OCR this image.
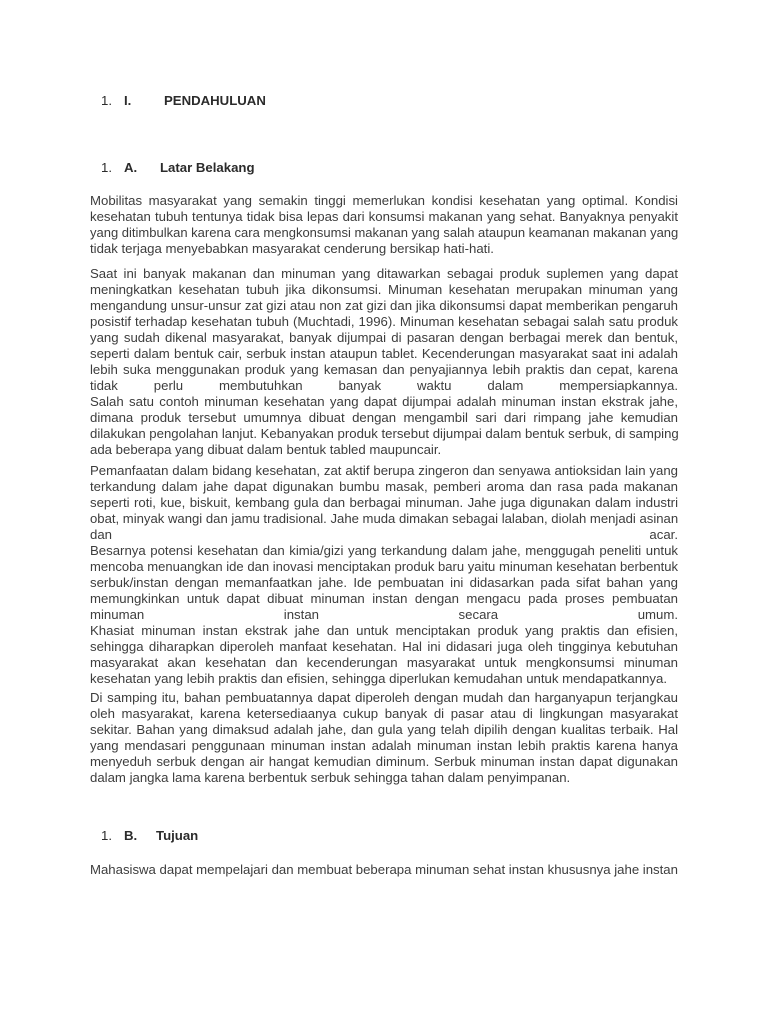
1. I. PENDAHULUAN
1. A. Latar Belakang
Mobilitas masyarakat yang semakin tinggi memerlukan kondisi kesehatan yang optimal. Kondisi
kesehatan tubuh tentunya tidak bisa lepas dari konsumsi makanan yang sehat. Banyaknya penyakit
yang ditimbulkan karena cara mengkonsumsi makanan yang salah ataupun keamanan makanan yang
tidak terjaga menyebabkan masyarakat cenderung bersikap hati-hati.
Saat ini banyak makanan dan minuman yang ditawarkan sebagai produk suplemen yang dapat
meningkatkan kesehatan tubuh jika dikonsumsi. Minuman kesehatan merupakan minuman yang
mengandung unsur-unsur zat gizi atau non zat gizi dan jika dikonsumsi dapat memberikan pengaruh
posistif terhadap kesehatan tubuh (Muchtadi, 1996). Minuman kesehatan sebagai salah satu produk
yang sudah dikenal masyarakat, banyak dijumpai di pasaran dengan berbagai merek dan bentuk,
seperti dalam bentuk cair, serbuk instan ataupun tablet. Kecenderungan masyarakat saat ini adalah
lebih suka menggunakan produk yang kemasan dan penyajiannya lebih praktis dan cepat, karena
tidak perlu membutuhkan banyak waktu dalam mempersiapkannya.
Salah satu contoh minuman kesehatan yang dapat dijumpai adalah minuman instan ekstrak jahe,
dimana produk tersebut umumnya dibuat dengan mengambil sari dari rimpang jahe kemudian
dilakukan pengolahan lanjut. Kebanyakan produk tersebut dijumpai dalam bentuk serbuk, di samping
ada beberapa yang dibuat dalam bentuk tabled maupuncair.
Pemanfaatan dalam bidang kesehatan, zat aktif berupa zingeron dan senyawa antioksidan lain yang
terkandung dalam jahe dapat digunakan bumbu masak, pemberi aroma dan rasa pada makanan
seperti roti, kue, biskuit, kembang gula dan berbagai minuman. Jahe juga digunakan dalam industri
obat, minyak wangi dan jamu tradisional. Jahe muda dimakan sebagai lalaban, diolah menjadi asinan
dan acar.
Besarnya potensi kesehatan dan kimia/gizi yang terkandung dalam jahe, menggugah peneliti untuk
mencoba menuangkan ide dan inovasi menciptakan produk baru yaitu minuman kesehatan berbentuk
serbuk/instan dengan memanfaatkan jahe. Ide pembuatan ini didasarkan pada sifat bahan yang
memungkinkan untuk dapat dibuat minuman instan dengan mengacu pada proses pembuatan
minuman instan secara umum.
Khasiat minuman instan ekstrak jahe dan untuk menciptakan produk yang praktis dan efisien,
sehingga diharapkan diperoleh manfaat kesehatan. Hal ini didasari juga oleh tingginya kebutuhan
masyarakat akan kesehatan dan kecenderungan masyarakat untuk mengkonsumsi minuman
kesehatan yang lebih praktis dan efisien, sehingga diperlukan kemudahan untuk mendapatkannya.
Di samping itu, bahan pembuatannya dapat diperoleh dengan mudah dan harganyapun terjangkau
oleh masyarakat, karena ketersediaanya cukup banyak di pasar atau di lingkungan masyarakat
sekitar. Bahan yang dimaksud adalah jahe, dan gula yang telah dipilih dengan kualitas terbaik. Hal
yang mendasari penggunaan minuman instan adalah minuman instan lebih praktis karena hanya
menyeduh serbuk dengan air hangat kemudian diminum. Serbuk minuman instan dapat digunakan
dalam jangka lama karena berbentuk serbuk sehingga tahan dalam penyimpanan.
1. B. Tujuan
Mahasiswa dapat mempelajari dan membuat beberapa minuman sehat instan khususnya jahe instan
